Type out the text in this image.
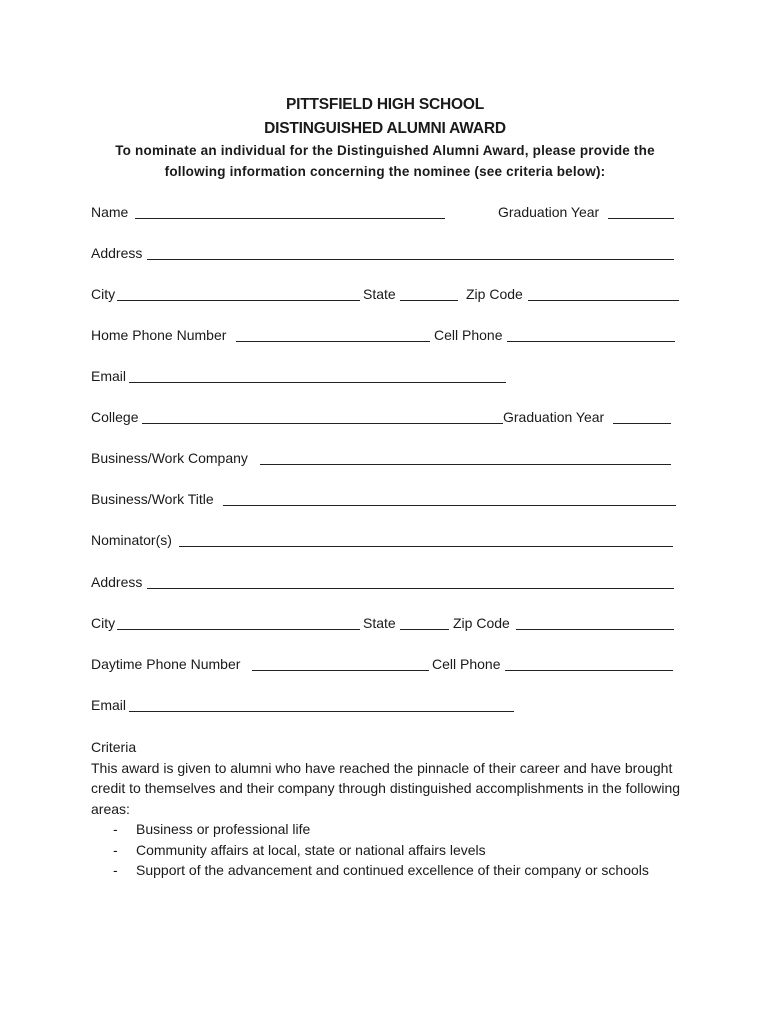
PITTSFIELD HIGH SCHOOL
DISTINGUISHED ALUMNI AWARD
To nominate an individual for the Distinguished Alumni Award, please provide the
following information concerning the nominee (see criteria below):
Name	Graduation Year
Address
City	State	Zip Code
Home Phone Number	Cell Phone
Email
College	Graduation Year
Business/Work Company
Business/Work Title
Nominator(s)
Address
City	State	Zip Code
Daytime Phone Number	Cell Phone
Email
Criteria
This award is given to alumni who have reached the pinnacle of their career and have brought credit to themselves and their company through distinguished accomplishments in the following areas:
- Business or professional life
- Community affairs at local, state or national affairs levels
- Support of the advancement and continued excellence of their company or schools
